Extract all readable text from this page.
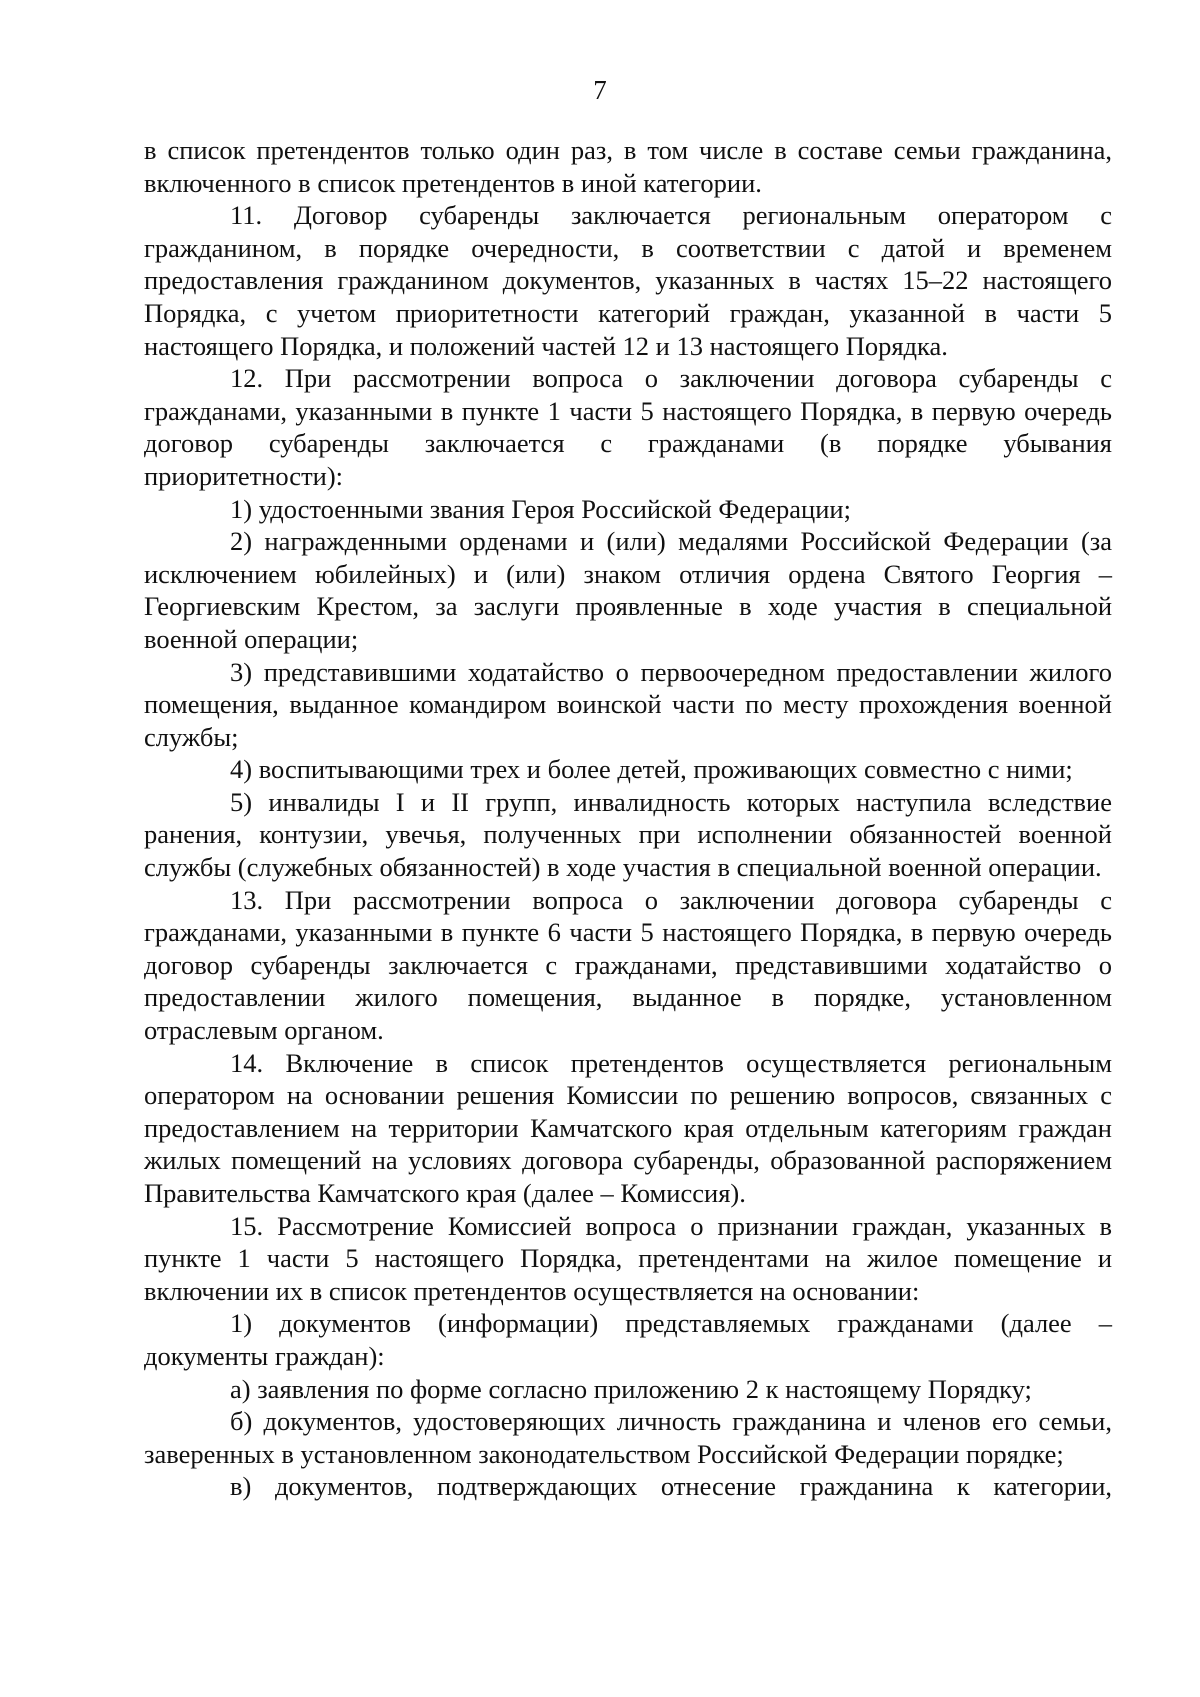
7

в список претендентов только один раз, в том числе в составе семьи гражданина, включенного в список претендентов в иной категории.

11. Договор субаренды заключается региональным оператором с гражданином, в порядке очередности, в соответствии с датой и временем предоставления гражданином документов, указанных в частях 15–22 настоящего Порядка, с учетом приоритетности категорий граждан, указанной в части 5 настоящего Порядка, и положений частей 12 и 13 настоящего Порядка.

12. При рассмотрении вопроса о заключении договора субаренды с гражданами, указанными в пункте 1 части 5 настоящего Порядка, в первую очередь договор субаренды заключается с гражданами (в порядке убывания приоритетности):

1) удостоенными звания Героя Российской Федерации;

2) награжденными орденами и (или) медалями Российской Федерации (за исключением юбилейных) и (или) знаком отличия ордена Святого Георгия – Георгиевским Крестом, за заслуги проявленные в ходе участия в специальной военной операции;

3) представившими ходатайство о первоочередном предоставлении жилого помещения, выданное командиром воинской части по месту прохождения военной службы;

4) воспитывающими трех и более детей, проживающих совместно с ними;

5) инвалиды I и II групп, инвалидность которых наступила вследствие ранения, контузии, увечья, полученных при исполнении обязанностей военной службы (служебных обязанностей) в ходе участия в специальной военной операции.

13. При рассмотрении вопроса о заключении договора субаренды с гражданами, указанными в пункте 6 части 5 настоящего Порядка, в первую очередь договор субаренды заключается с гражданами, представившими ходатайство о предоставлении жилого помещения, выданное в порядке, установленном отраслевым органом.

14. Включение в список претендентов осуществляется региональным оператором на основании решения Комиссии по решению вопросов, связанных с предоставлением на территории Камчатского края отдельным категориям граждан жилых помещений на условиях договора субаренды, образованной распоряжением Правительства Камчатского края (далее – Комиссия).

15. Рассмотрение Комиссией вопроса о признании граждан, указанных в пункте 1 части 5 настоящего Порядка, претендентами на жилое помещение и включении их в список претендентов осуществляется на основании:

1) документов (информации) представляемых гражданами (далее – документы граждан):

а) заявления по форме согласно приложению 2 к настоящему Порядку;

б) документов, удостоверяющих личность гражданина и членов его семьи, заверенных в установленном законодательством Российской Федерации порядке;

в) документов, подтверждающих отнесение гражданина к категории,
